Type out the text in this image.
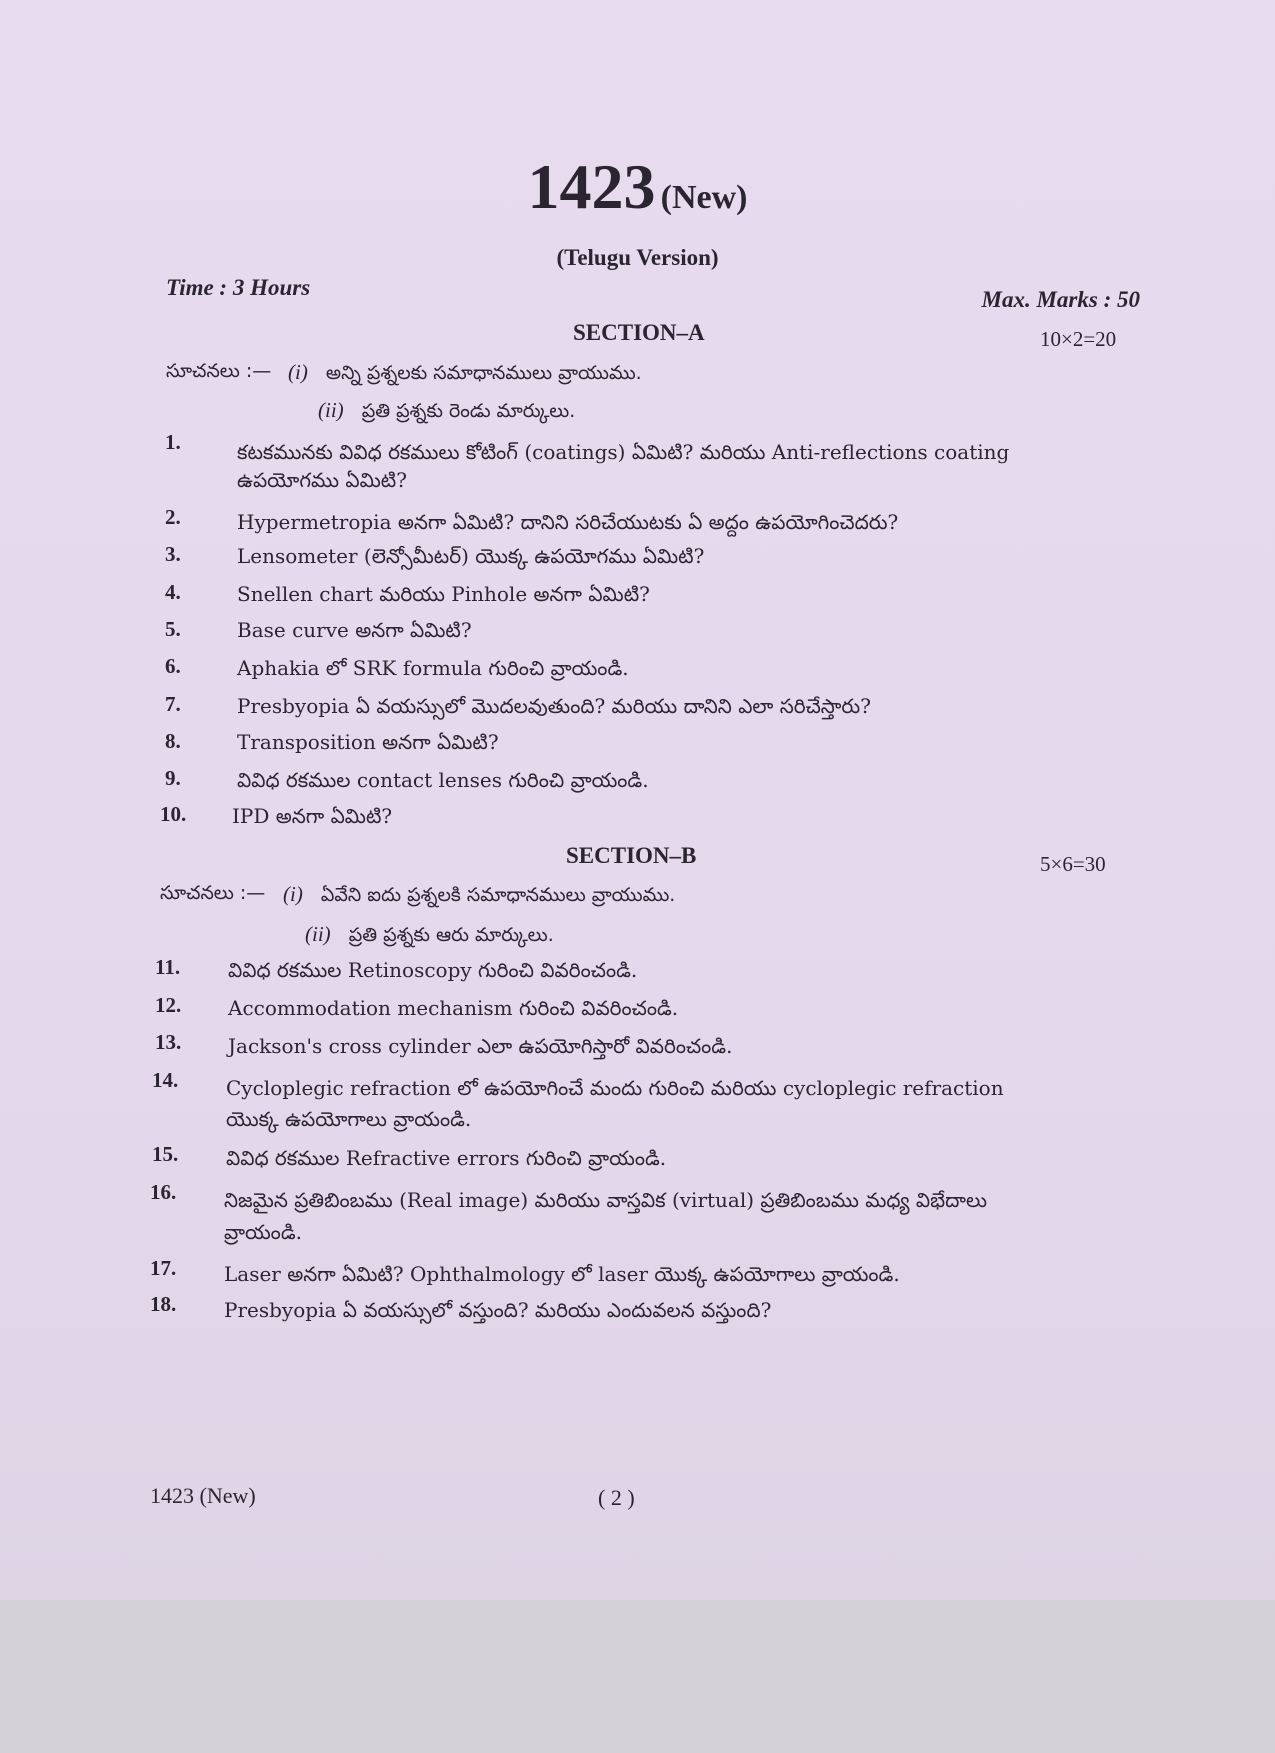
1423 (New)
(Telugu Version)
Time : 3 Hours	Max. Marks : 50
SECTION–A	10×2=20
సూచనలు :— (i) అన్ని ప్రశ్నలకు సమాధానములు వ్రాయుము.
(ii) ప్రతి ప్రశ్నకు రెండు మార్కులు.
1.	కటకమునకు వివిధ రకములు కోటింగ్ (coatings) ఏమిటి? మరియు Anti-reflections coating
ఉపయోగము ఏమిటి?
2.	Hypermetropia అనగా ఏమిటి? దానిని సరిచేయుటకు ఏ అద్దం ఉపయోగించెదరు?
3.	Lensometer (లెన్సోమీటర్) యొక్క ఉపయోగము ఏమిటి?
4.	Snellen chart మరియు Pinhole అనగా ఏమిటి?
5.	Base curve అనగా ఏమిటి?
6.	Aphakia లో SRK formula గురించి వ్రాయండి.
7.	Presbyopia ఏ వయస్సులో మొదలవుతుంది? మరియు దానిని ఎలా సరిచేస్తారు?
8.	Transposition అనగా ఏమిటి?
9.	వివిధ రకముల contact lenses గురించి వ్రాయండి.
10. IPD అనగా ఏమిటి?
SECTION–B	5×6=30
సూచనలు :— (i) ఏవేని ఐదు ప్రశ్నలకి సమాధానములు వ్రాయుము.
(ii) ప్రతి ప్రశ్నకు ఆరు మార్కులు.
11. వివిధ రకముల Retinoscopy గురించి వివరించండి.
12. Accommodation mechanism గురించి వివరించండి.
13. Jackson's cross cylinder ఎలా ఉపయోగిస్తారో వివరించండి.
14. Cycloplegic refraction లో ఉపయోగించే మందు గురించి మరియు cycloplegic refraction
యొక్క ఉపయోగాలు వ్రాయండి.
15. వివిధ రకముల Refractive errors గురించి వ్రాయండి.
16. నిజమైన ప్రతిబింబము (Real image) మరియు వాస్తవిక (virtual) ప్రతిబింబము మధ్య విభేదాలు
వ్రాయండి.
17. Laser అనగా ఏమిటి? Ophthalmology లో laser యొక్క ఉపయోగాలు వ్రాయండి.
18. Presbyopia ఏ వయస్సులో వస్తుంది? మరియు ఎందువలన వస్తుంది?
1423 (New)	( 2 )
